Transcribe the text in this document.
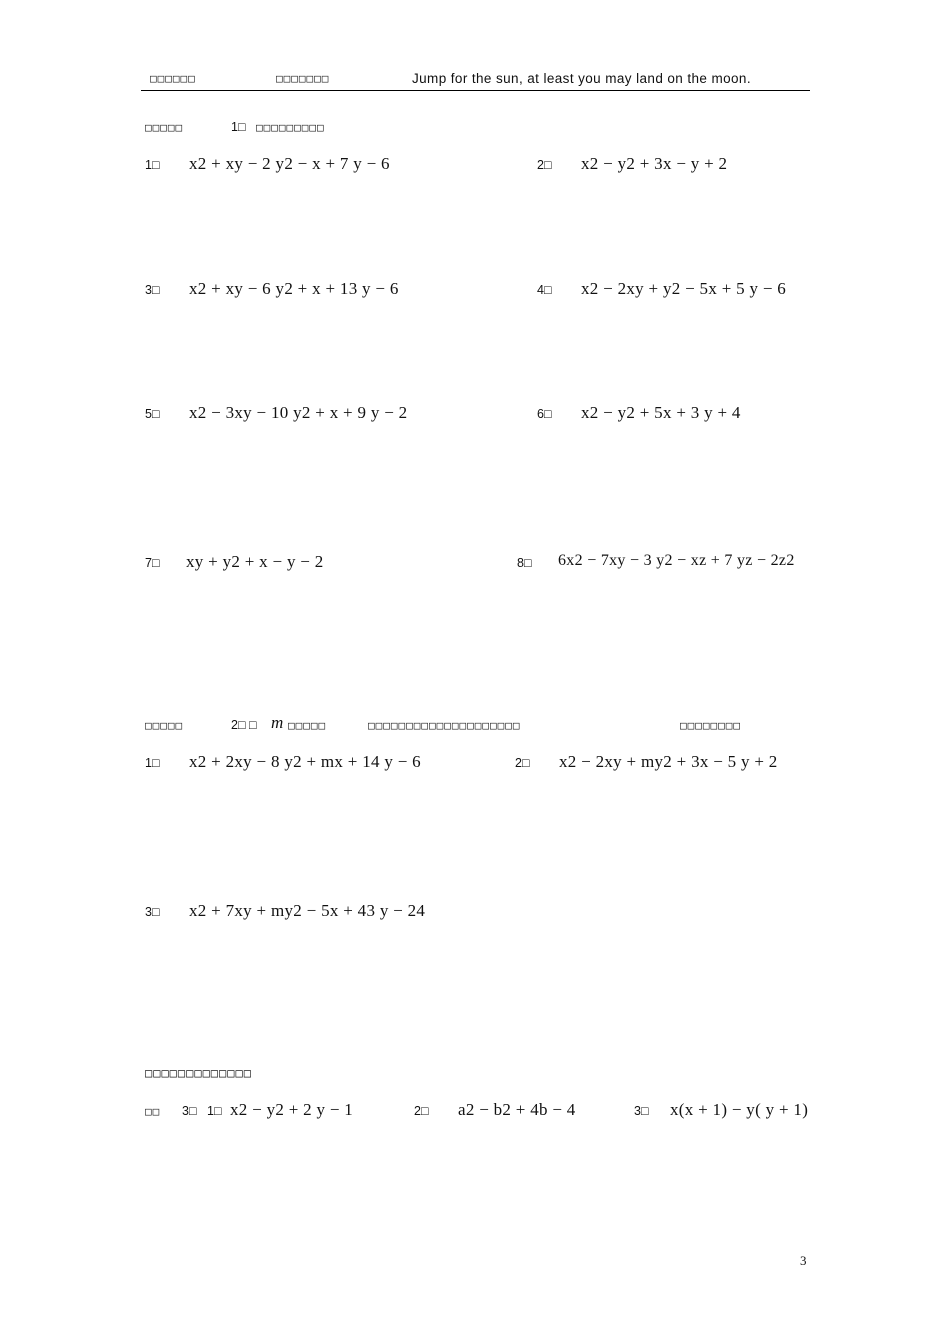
□□□□□□	□□□□□□□	Jump for the sun, at least you may land on the moon.
□□□□□	1□ □□□□□□□□□
1□ x2 + xy − 2 y2 − x + 7 y − 6	2□ x2 − y2 + 3x − y + 2
3□ x2 + xy − 6 y2 + x + 13 y − 6	4□ x2 − 2xy + y2 − 5x + 5 y − 6
5□ x2 − 3xy − 10 y2 + x + 9 y − 2	6□ x2 − y2 + 5x + 3 y + 4
7□ xy + y2 + x − y − 2	8□ 6x2 − 7xy − 3 y2 − xz + 7 yz − 2z2
□□□□□	2□ □ m □□□□□	□□□□□□□□□□□□□□□□□□□□	□□□□□□□□
1□ x2 + 2xy − 8 y2 + mx + 14 y − 6	2□ x2 − 2xy + my2 + 3x − 5 y + 2
3□ x2 + 7xy + my2 − 5x + 43 y − 24
□□□□□□□□□□□□□
□□ 3□ 1□ x2 − y2 + 2 y − 1	2□ a2 − b2 + 4b − 4	3□ x(x + 1) − y( y + 1)
3
